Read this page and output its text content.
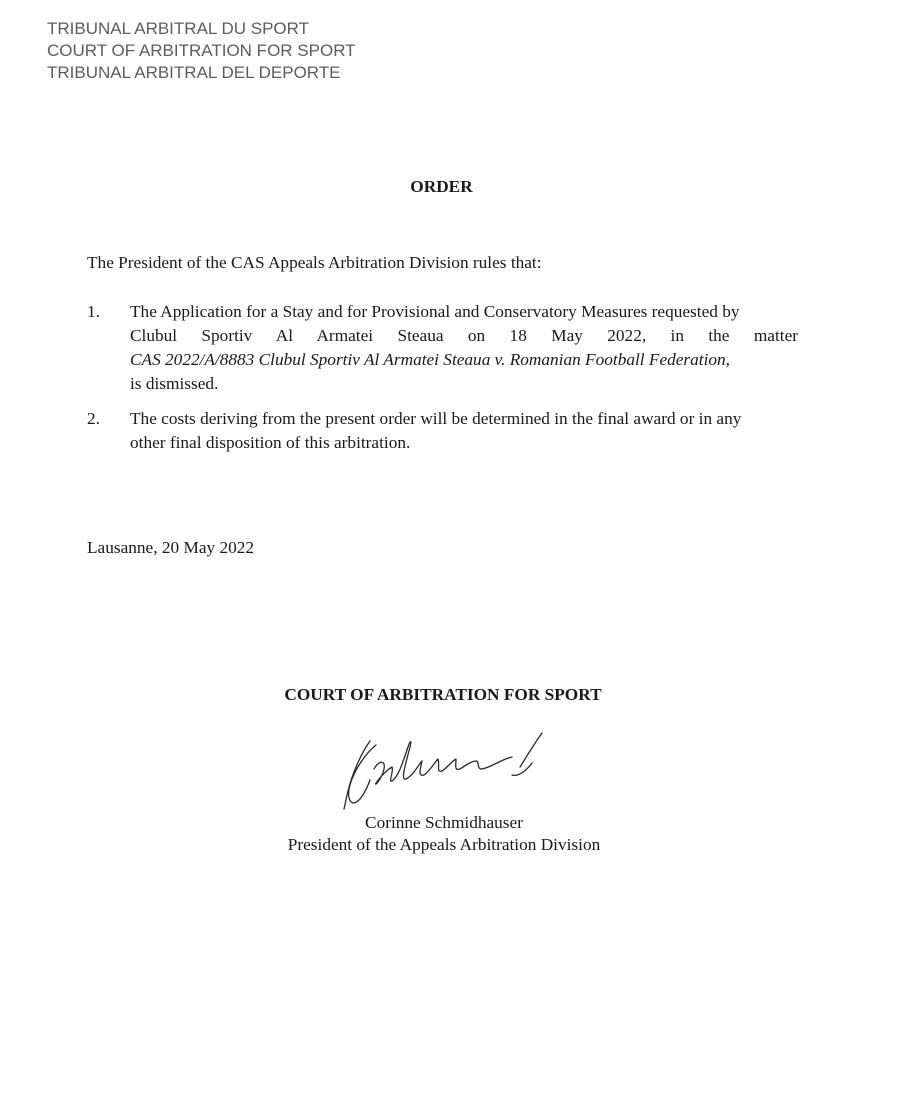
TRIBUNAL ARBITRAL DU SPORT
COURT OF ARBITRATION FOR SPORT
TRIBUNAL ARBITRAL DEL DEPORTE
ORDER
The President of the CAS Appeals Arbitration Division rules that:
1. The Application for a Stay and for Provisional and Conservatory Measures requested by
Clubul Sportiv Al Armatei Steaua on 18 May 2022, in the matter
CAS 2022/A/8883 Clubul Sportiv Al Armatei Steaua v. Romanian Football Federation,
is dismissed.
2. The costs deriving from the present order will be determined in the final award or in any
other final disposition of this arbitration.
Lausanne, 20 May 2022
COURT OF ARBITRATION FOR SPORT
Corinne Schmidhauser
President of the Appeals Arbitration Division
